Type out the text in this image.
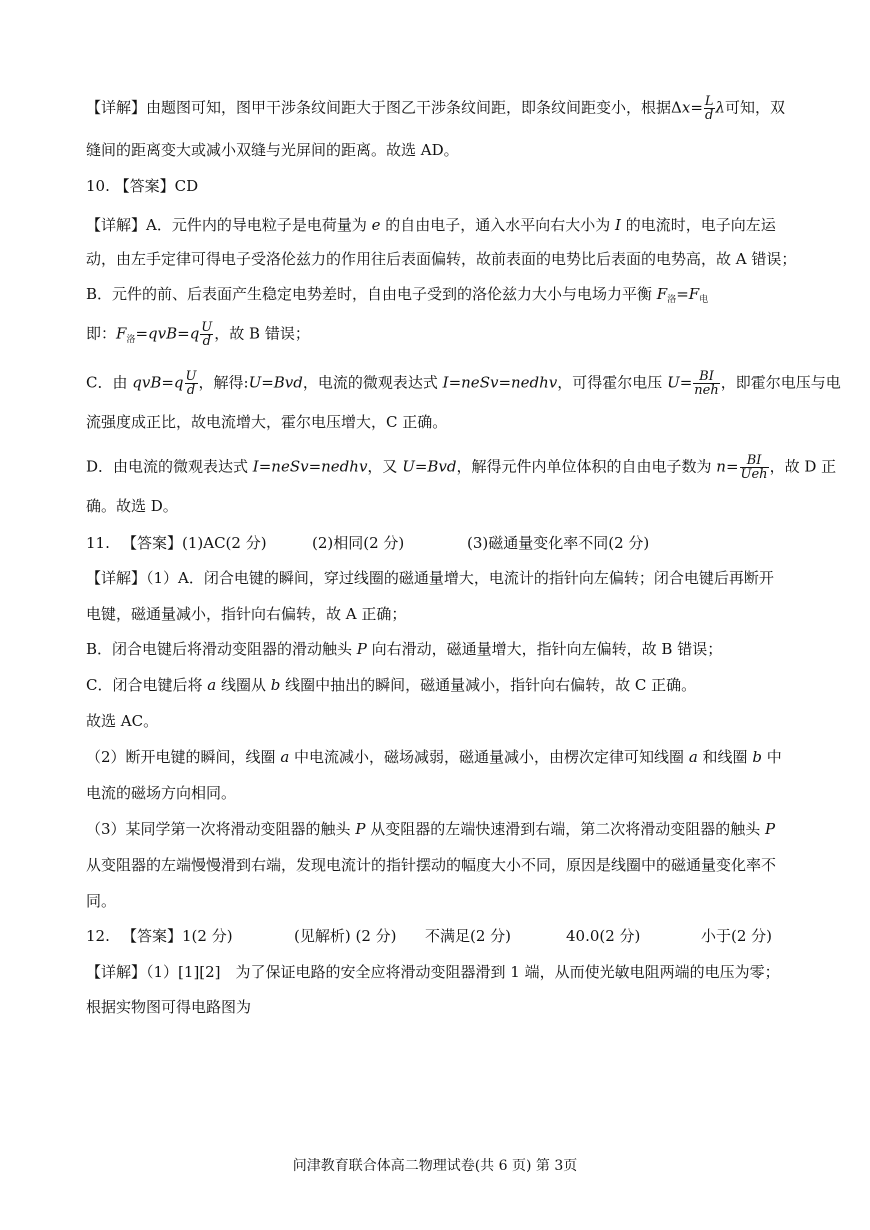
【详解】由题图可知，图甲干涉条纹间距大于图乙干涉条纹间距，即条纹间距变小，根据$\Delta x= \frac{L}{d}$ λ可知，双
缝间的距离变大或减小双缝与光屏间的距离。故选 AD。
10. 【答案】CD
【详解】A．元件内的导电粒子是电荷量为 e 的自由电子，通入水平向右大小为 I 的电流时，电子向左运
动，由左手定律可得电子受洛伦兹力的作用往后表面偏转，故前表面的电势比后表面的电势高，故 A 错误；
B．元件的前、后表面产生稳定电势差时，自由电子受到的洛伦兹力大小与电场力平衡 $F_洛=F_电$
即：$F_洛=qvB=q \frac{U}{d}$ ，故 B 错误；
C．由 $qvB=q \frac{U}{d}$ ，解得:U=Bvd，电流的微观表达式 I=neSv=nedhv，可得霍尔电压 $U= \frac{BI}{\text{neh}}$ ，即霍尔电压与电
流强度成正比，故电流增大，霍尔电压增大，C 正确。
D．由电流的微观表达式 I=neSv=nedhv，又 U=Bvd，解得元件内单位体积的自由电子数为 $n= \frac{BI}{\text{Ueh}}$ ，故 D 正
确。故选 D。
11. 【答案】(1)AC(2 分)	(2)相同(2 分)	(3)磁通量变化率不同(2 分)
【详解】（1）A．闭合电键的瞬间，穿过线圈的磁通量增大，电流计的指针向左偏转；闭合电键后再断开
电键，磁通量减小，指针向右偏转，故 A 正确；
B．闭合电键后将滑动变阻器的滑动触头 P 向右滑动，磁通量增大，指针向左偏转，故 B 错误；
C．闭合电键后将 a 线圈从 b 线圈中抽出的瞬间，磁通量减小，指针向右偏转，故 C 正确。
故选 AC。
（2）断开电键的瞬间，线圈 a 中电流减小，磁场减弱，磁通量减小，由楞次定律可知线圈 a 和线圈 b 中
电流的磁场方向相同。
（3）某同学第一次将滑动变阻器的触头 P 从变阻器的左端快速滑到右端，第二次将滑动变阻器的触头 P
从变阻器的左端慢慢滑到右端，发现电流计的指针摆动的幅度大小不同，原因是线圈中的磁通量变化率不
同。
12. 【答案】1(2 分)	(见解析) (2 分) 不满足(2 分)	40.0(2 分)	小于(2 分)
【详解】（1）[1][2]　为了保证电路的安全应将滑动变阻器滑到 1 端，从而使光敏电阻两端的电压为零；
根据实物图可得电路图为
问津教育联合体高二物理试卷(共 6 页) 第 3页
